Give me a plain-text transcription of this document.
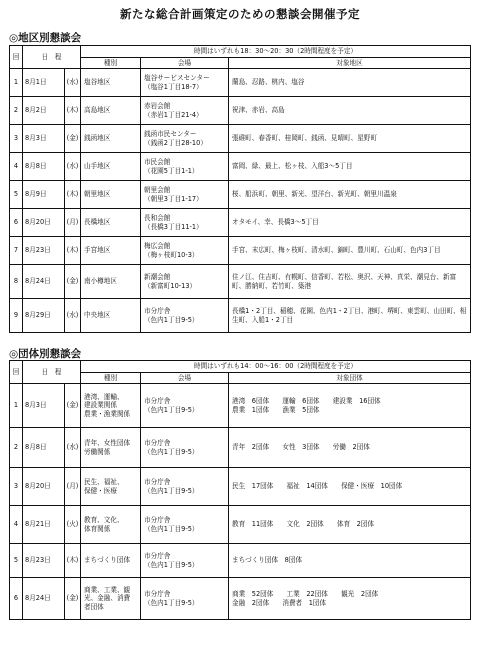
新たな総合計画策定のための懇談会開催予定
◎地区別懇談会
回	日　程		時間はいずれも18：30～20：30（2時間程度を予定）		
			種別	会場	対象地区
1	8月1日	(水)	塩谷地区	塩谷サービスセンター
（塩谷1丁目18-7）	蘭島、忍路、桃内、塩谷
2	8月2日	(木)	高島地区	赤岩会館
（赤岩1丁目21-4）	祝津、赤岩、高島
3	8月3日	(金)	銭函地区	銭函市民センター
（銭函2丁目28-10）	張碓町、春香町、桂岡町、銭函、見晴町、星野町
4	8月8日	(水)	山手地区	市民会館
（花園5丁目1-1）	富岡、緑、最上、松ヶ枝、入船3～5丁目
5	8月9日	(木)	朝里地区	朝里会館
（朝里3丁目1-17）	桜、船浜町、朝里、新光、望洋台、新光町、朝里川温泉
6	8月20日	(月)	長橋地区	長和会館
（長橋3丁目11-1）	オタモイ、幸、長橋3～5丁目
7	8月23日	(木)	手宮地区	梅広会館
（梅ヶ枝町10-3）	手宮、末広町、梅ヶ枝町、清水町、錦町、豊川町、石山町、色内3丁目
8	8月24日	(金)	南小樽地区	新潮会館
（新富町10-13）	住ノ江、住吉町、有幌町、信香町、若松、奥沢、天神、真栄、潮見台、新富町、勝納町、若竹町、築港
9	8月29日	(水)	中央地区	市分庁舎
（色内1丁目9-5）	長橋1・2丁目、稲穂、花園、色内1・2丁目、港町、堺町、東雲町、山田町、相生町、入船1・2丁目
◎団体別懇談会
回	日　程		時間はいずれも14：00～16：00（2時間程度を予定）		
			種別	会場	対象団体
1	8月3日	(金)	港湾、運輸、
建設業関係
農業・漁業関係	市分庁舎
（色内1丁目9-5）	港湾　6団体　　運輸　6団体　　建設業　16団体
農業　1団体　　漁業　5団体

2	8月8日	(水)	青年、女性団体
労働関係	市分庁舎
（色内1丁目9-5）	青年　2団体　　女性　3団体　　労働　2団体

3	8月20日	(月)	民生、福祉、
保健・医療	市分庁舎
（色内1丁目9-5）	民生　17団体　　福祉　14団体　　保健・医療　10団体

4	8月21日	(火)	教育、文化、
体育関係	市分庁舎
（色内1丁目9-5）	教育　11団体　　文化　2団体　　体育　2団体

5	8月23日	(木)	まちづくり団体	市分庁舎
（色内1丁目9-5）	まちづくり団体　8団体

6	8月24日	(金)	商業、工業、観
光、金融、消費
者団体	市分庁舎
（色内1丁目9-5）	商業　52団体　　工業　22団体　　観光　2団体
金融　2団体　　消費者　1団体
